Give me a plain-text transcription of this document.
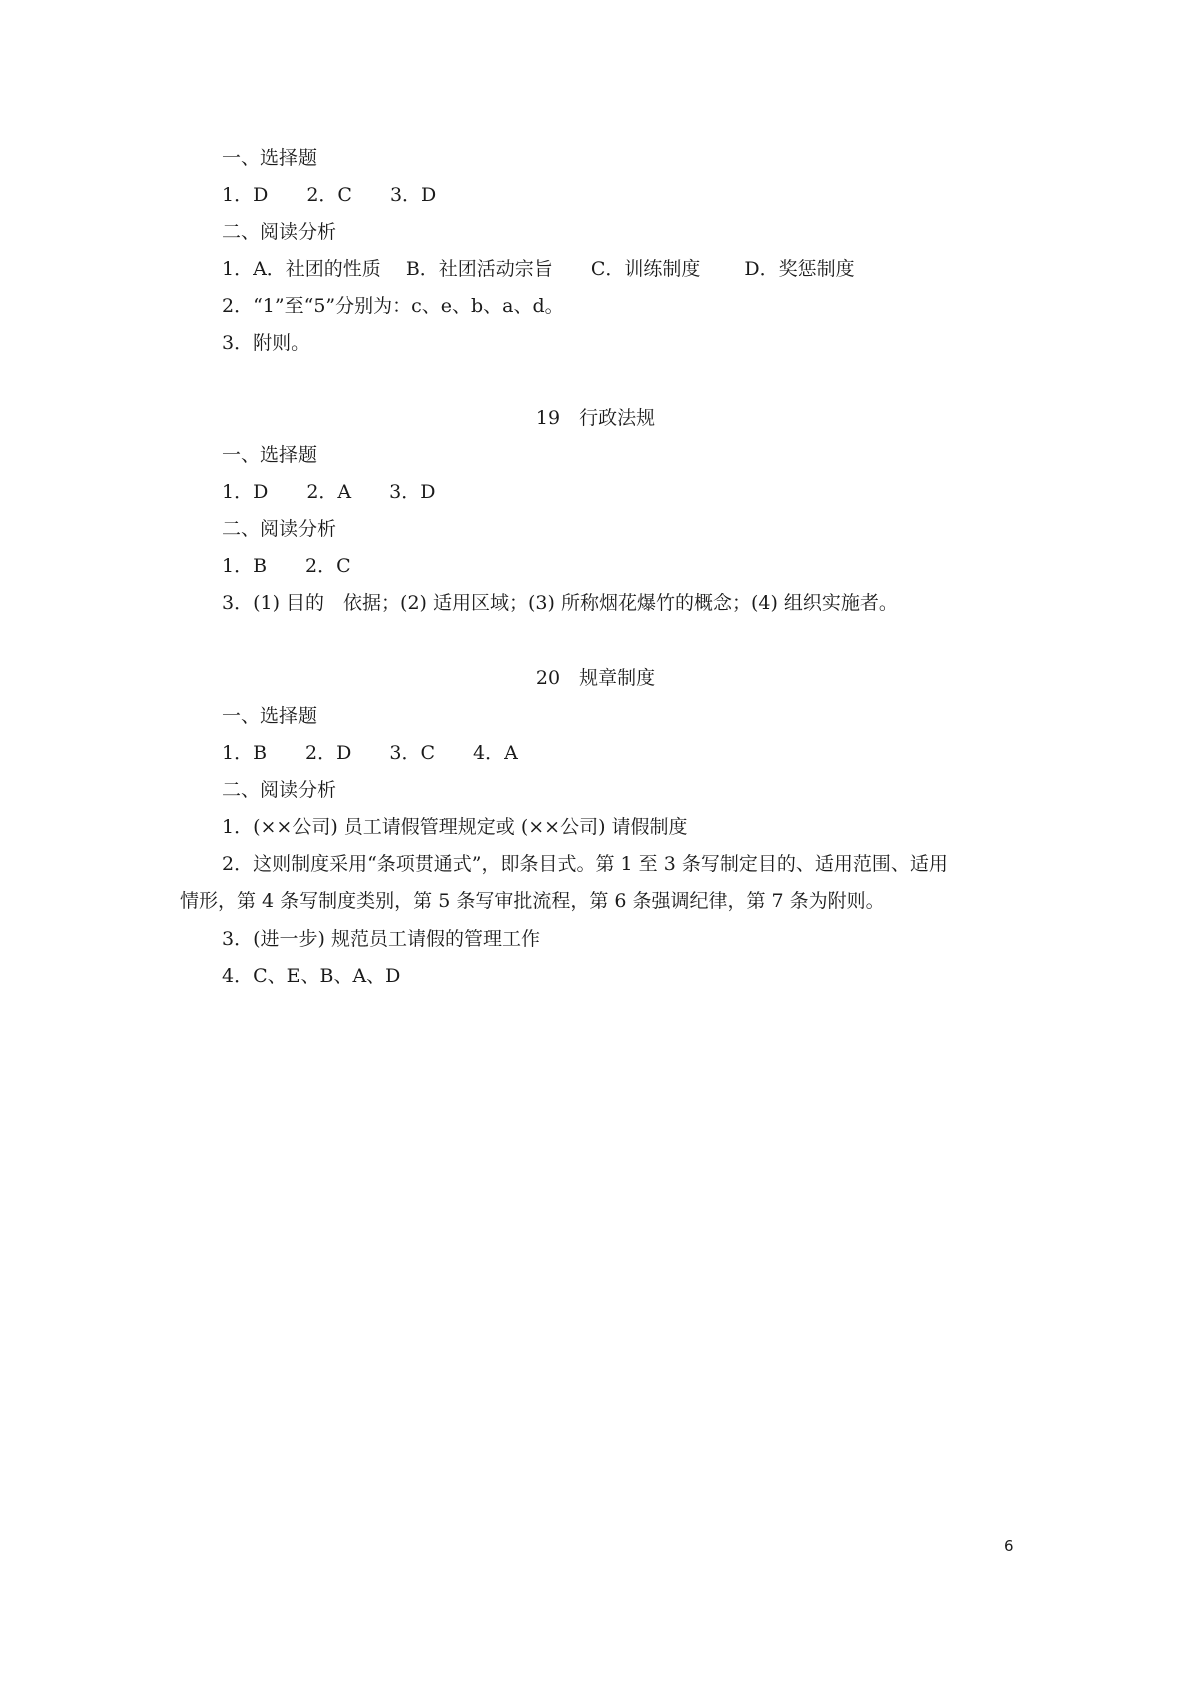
一、选择题
1．D　　2．C　　3．D
二、阅读分析
1．A．社团的性质　 B．社团活动宗旨　　C．训练制度　　 D．奖惩制度
2．“1”至“5”分别为：c、e、b、a、d。
3．附则。
19　行政法规
一、选择题
1．D　　2．A　　3．D
二、阅读分析
1．B　　2．C
3．(1) 目的　依据；(2) 适用区域；(3) 所称烟花爆竹的概念；(4) 组织实施者。
20　规章制度
一、选择题
1．B　　2．D　　3．C　　4．A
二、阅读分析
1．(××公司) 员工请假管理规定或 (××公司) 请假制度
2．这则制度采用“条项贯通式”，即条目式。第 1 至 3 条写制定目的、适用范围、适用
情形，第 4 条写制度类别，第 5 条写审批流程，第 6 条强调纪律，第 7 条为附则。
3．(进一步) 规范员工请假的管理工作
4．C、E、B、A、D
6
